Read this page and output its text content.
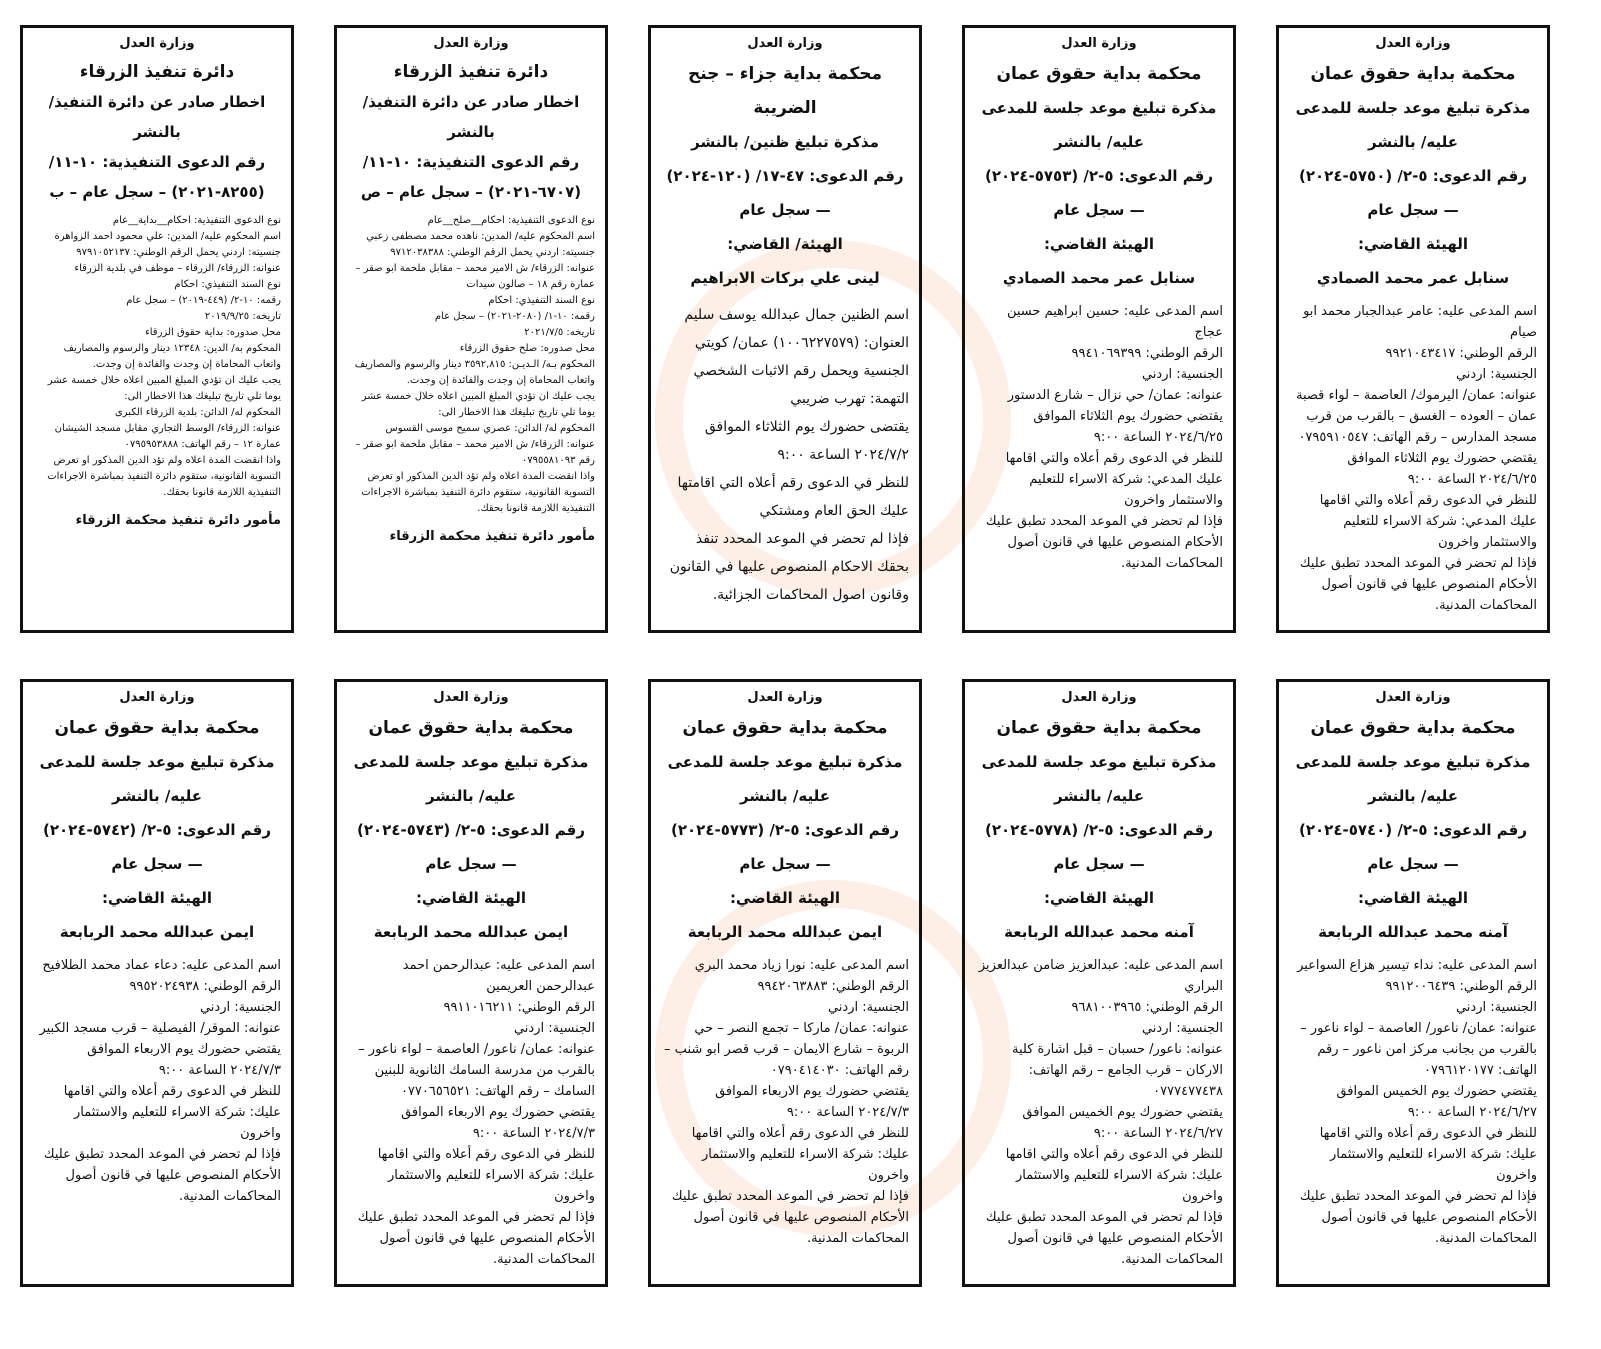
وزارة العدل
محكمة بداية حقوق عمان
مذكرة تبليغ موعد جلسة للمدعى
عليه/ بالنشر
رقم الدعوى: ٥-٢/ (٥٧٥٠-٢٠٢٤)
— سجل عام
الهيئة القاضي:
سنابل عمر محمد الصمادي

اسم المدعى عليه: عامر عبدالجبار محمد ابو صيام

الرقم الوطني: ٩٩٢١٠٤٣٤١٧

الجنسية: اردني

عنوانه: عمان/ اليرموك/ العاصمة – لواء قصبة عمان – العوده – الغسق – بالقرب من قرب مسجد المدارس – رقم الهاتف: ٠٧٩٥٩١٠٥٤٧

يقتضي حضورك يوم الثلاثاء الموافق ٢٠٢٤/٦/٢٥ الساعة ٩:٠٠

للنظر في الدعوى رقم أعلاه والتي اقامها عليك المدعي: شركة الاسراء للتعليم والاستثمار واخرون

فإذا لم تحضر في الموعد المحدد تطبق عليك الأحكام المنصوص عليها في قانون أصول المحاكمات المدنية.

وزارة العدل
محكمة بداية حقوق عمان
مذكرة تبليغ موعد جلسة للمدعى
عليه/ بالنشر
رقم الدعوى: ٥-٢/ (٥٧٥٣-٢٠٢٤)
— سجل عام
الهيئة القاضي:
سنابل عمر محمد الصمادي

اسم المدعى عليه: حسين ابراهيم حسين عجاج

الرقم الوطني: ٩٩٤١٠٦٩٣٩٩

الجنسية: اردني

عنوانه: عمان/ حي نزال – شارع الدستور

يقتضي حضورك يوم الثلاثاء الموافق ٢٠٢٤/٦/٢٥ الساعة ٩:٠٠

للنظر في الدعوى رقم أعلاه والتي اقامها عليك المدعي: شركة الاسراء للتعليم والاستثمار واخرون

فإذا لم تحضر في الموعد المحدد تطبق عليك الأحكام المنصوص عليها في قانون أصول المحاكمات المدنية.

وزارة العدل
محكمة بداية جزاء – جنح الضريبة
مذكرة تبليغ ظنين/ بالنشر
رقم الدعوى: ٤٧-١٧/ (١٢٠-٢٠٢٤)
— سجل عام
الهيئة/ القاضي:
لينى علي بركات الابراهيم

اسم الظنين جمال عبدالله يوسف سليم

العنوان: (١٠٠٦٢٢٧٥٧٩) عمان/ كويتي الجنسية ويحمل رقم الاثبات الشخصي

التهمة: تهرب ضريبي

يقتضى حضورك يوم الثلاثاء الموافق ٢٠٢٤/٧/٢ الساعة ٩:٠٠

للنظر في الدعوى رقم أعلاه التي اقامتها عليك الحق العام ومشتكي

فإذا لم تحضر في الموعد المحدد تنفذ بحقك الاحكام المنصوص عليها في القانون وقانون اصول المحاكمات الجزائية.

وزارة العدل
دائرة تنفيذ الزرقاء
اخطار صادر عن دائرة التنفيذ/ بالنشر
رقم الدعوى التنفيذية: ١٠-١١/ (٦٧٠٧-٢٠٢١) – سجل عام – ص

نوع الدعوى التنفيذية: احكام__صلح__عام

اسم المحكوم عليه/ المدين: ناهده محمد مصطفى زعبي

جنسيته: اردني يحمل الرقم الوطني: ٩٧١٢٠٣٨٣٨٨

عنوانه: الزرقاء/ ش الامير محمد – مقابل ملحمة ابو صقر – عمارة رقم ١٨ – صالون سيدات

نوع السند التنفيذي: احكام

رقمه: ١٠-١/ (٢٠٨٠-٢٠٢١) – سجل عام

تاريخه: ٢٠٢١/٧/٥

محل صدوره: صلح حقوق الزرقاء

المحكوم بـه/ الـديـن: ٣٥٩٢,٨١٥ دينار والرسوم والمصاريف واتعاب المحاماة إن وجدت والفائدة إن وجدت.

يجب عليك ان تؤدي المبلغ المبين اعلاه خلال خمسة عشر يوما تلي تاريخ تبليغك هذا الاخطار الى:

المحكوم له/ الدائن: عصري سميح موسى القسوس

عنوانه: الزرقاء/ ش الامير محمد – مقابل ملحمة ابو صقر – رقم ٠٧٩٥٥٨١٠٩٣

واذا انقضت المدة اعلاه ولم تؤد الدين المذكور او تعرض التسوية القانونية، ستقوم دائرة التنفيذ بمباشرة الاجراءات التنفيذية اللازمة قانونا بحقك.

مأمور دائرة تنفيذ محكمة الزرقاء
وزارة العدل
دائرة تنفيذ الزرقاء
اخطار صادر عن دائرة التنفيذ/ بالنشر
رقم الدعوى التنفيذية: ١٠-١١/ (٨٢٥٥-٢٠٢١) – سجل عام – ب

نوع الدعوى التنفيذية: احكام__بداية__عام

اسم المحكوم عليه/ المدين: علي محمود احمد الزواهرة

جنسيته: اردني يحمل الرقم الوطني: ٩٧٩١٠٥٢١٣٧

عنوانه: الزرقاء/ الزرقاء – موظف في بلدية الزرقاء

نوع السند التنفيذي: احكام

رقمه: ١٠-٢/ (٤٤٩-٢٠١٩) – سجل عام

تاريخه: ٢٠١٩/٩/٢٥

محل صدوره: بداية حقوق الزرقاء

المحكوم به/ الدين: ١٢٣٤٨ دينار والرسوم والمصاريف واتعاب المحاماة إن وجدت والفائدة إن وجدت.

يجب عليك ان تؤدي المبلغ المبين اعلاه خلال خمسة عشر يوما تلي تاريخ تبليغك هذا الاخطار الى:

المحكوم له/ الدائن: بلدية الزرقاء الكبرى

عنوانه: الزرقاء/ الوسط التجاري مقابل مسجد الشيشان عمارة ١٢ – رقم الهاتف: ٠٧٩٥٩٥٣٨٨٨

واذا انقضت المدة اعلاه ولم تؤد الدين المذكور او تعرض التسوية القانونية، ستقوم دائرة التنفيذ بمباشرة الاجراءات التنفيذية اللازمة قانونا بحقك.

مأمور دائرة تنفيذ محكمة الزرقاء
وزارة العدل
محكمة بداية حقوق عمان
مذكرة تبليغ موعد جلسة للمدعى
عليه/ بالنشر
رقم الدعوى: ٥-٢/ (٥٧٤٠-٢٠٢٤)
— سجل عام
الهيئة القاضي:
آمنه محمد عبدالله الربابعة

اسم المدعى عليه: نداء تيسير هزاع السواعير

الرقم الوطني: ٩٩١٢٠٠٦٤٣٩

الجنسية: اردني

عنوانه: عمان/ ناعور/ العاصمة – لواء ناعور – بالقرب من بجانب مركز امن ناعور – رقم الهاتف: ٠٧٩٦١٢٠١٧٧

يقتضي حضورك يوم الخميس الموافق ٢٠٢٤/٦/٢٧ الساعة ٩:٠٠

للنظر في الدعوى رقم أعلاه والتي اقامها عليك: شركة الاسراء للتعليم والاستثمار واخرون

فإذا لم تحضر في الموعد المحدد تطبق عليك الأحكام المنصوص عليها في قانون أصول المحاكمات المدنية.

وزارة العدل
محكمة بداية حقوق عمان
مذكرة تبليغ موعد جلسة للمدعى
عليه/ بالنشر
رقم الدعوى: ٥-٢/ (٥٧٧٨-٢٠٢٤)
— سجل عام
الهيئة القاضي:
آمنه محمد عبدالله الربابعة

اسم المدعى عليه: عبدالعزيز ضامن عبدالعزيز البراري

الرقم الوطني: ٩٦٨١٠٠٣٩٦٥

الجنسية: اردني

عنوانه: ناعور/ حسبان – قبل اشارة كلية الاركان – قرب الجامع – رقم الهاتف: ٠٧٧٧٤٧٧٤٣٨

يقتضي حضورك يوم الخميس الموافق ٢٠٢٤/٦/٢٧ الساعة ٩:٠٠

للنظر في الدعوى رقم أعلاه والتي اقامها عليك: شركة الاسراء للتعليم والاستثمار واخرون

فإذا لم تحضر في الموعد المحدد تطبق عليك الأحكام المنصوص عليها في قانون أصول المحاكمات المدنية.

وزارة العدل
محكمة بداية حقوق عمان
مذكرة تبليغ موعد جلسة للمدعى
عليه/ بالنشر
رقم الدعوى: ٥-٢/ (٥٧٧٣-٢٠٢٤)
— سجل عام
الهيئة القاضي:
ايمن عبدالله محمد الربابعة

اسم المدعى عليه: نورا زياد محمد البري

الرقم الوطني: ٩٩٤٢٠٦٣٨٨٣

الجنسية: اردني

عنوانه: عمان/ ماركا – تجمع النصر – حي الربوة – شارع الايمان – قرب قصر ابو شنب – رقم الهاتف: ٠٧٩٠٤١٤٠٣٠

يقتضي حضورك يوم الاربعاء الموافق ٢٠٢٤/٧/٣ الساعة ٩:٠٠

للنظر في الدعوى رقم أعلاه والتي اقامها عليك: شركة الاسراء للتعليم والاستثمار واخرون

فإذا لم تحضر في الموعد المحدد تطبق عليك الأحكام المنصوص عليها في قانون أصول المحاكمات المدنية.

وزارة العدل
محكمة بداية حقوق عمان
مذكرة تبليغ موعد جلسة للمدعى
عليه/ بالنشر
رقم الدعوى: ٥-٢/ (٥٧٤٣-٢٠٢٤)
— سجل عام
الهيئة القاضي:
ايمن عبدالله محمد الربابعة

اسم المدعى عليه: عبدالرحمن احمد عبدالرحمن العريمين

الرقم الوطني: ٩٩١١٠١٦٢١١

الجنسية: اردني

عنوانه: عمان/ ناعور/ العاصمة – لواء ناعور – بالقرب من مدرسة السامك الثانوية للبنين السامك – رقم الهاتف: ٠٧٧٠٦٥٦٥٢١

يقتضي حضورك يوم الاربعاء الموافق ٢٠٢٤/٧/٣ الساعة ٩:٠٠

للنظر في الدعوى رقم أعلاه والتي اقامها عليك: شركة الاسراء للتعليم والاستثمار واخرون

فإذا لم تحضر في الموعد المحدد تطبق عليك الأحكام المنصوص عليها في قانون أصول المحاكمات المدنية.

وزارة العدل
محكمة بداية حقوق عمان
مذكرة تبليغ موعد جلسة للمدعى
عليه/ بالنشر
رقم الدعوى: ٥-٢/ (٥٧٤٢-٢٠٢٤)
— سجل عام
الهيئة القاضي:
ايمن عبدالله محمد الربابعة

اسم المدعى عليه: دعاء عماد محمد الطلافيح

الرقم الوطني: ٩٩٥٢٠٢٤٩٣٨

الجنسية: اردني

عنوانه: الموقر/ الفيصلية – قرب مسجد الكبير

يقتضي حضورك يوم الاربعاء الموافق ٢٠٢٤/٧/٣ الساعة ٩:٠٠

للنظر في الدعوى رقم أعلاه والتي اقامها عليك: شركة الاسراء للتعليم والاستثمار واخرون

فإذا لم تحضر في الموعد المحدد تطبق عليك الأحكام المنصوص عليها في قانون أصول المحاكمات المدنية.
